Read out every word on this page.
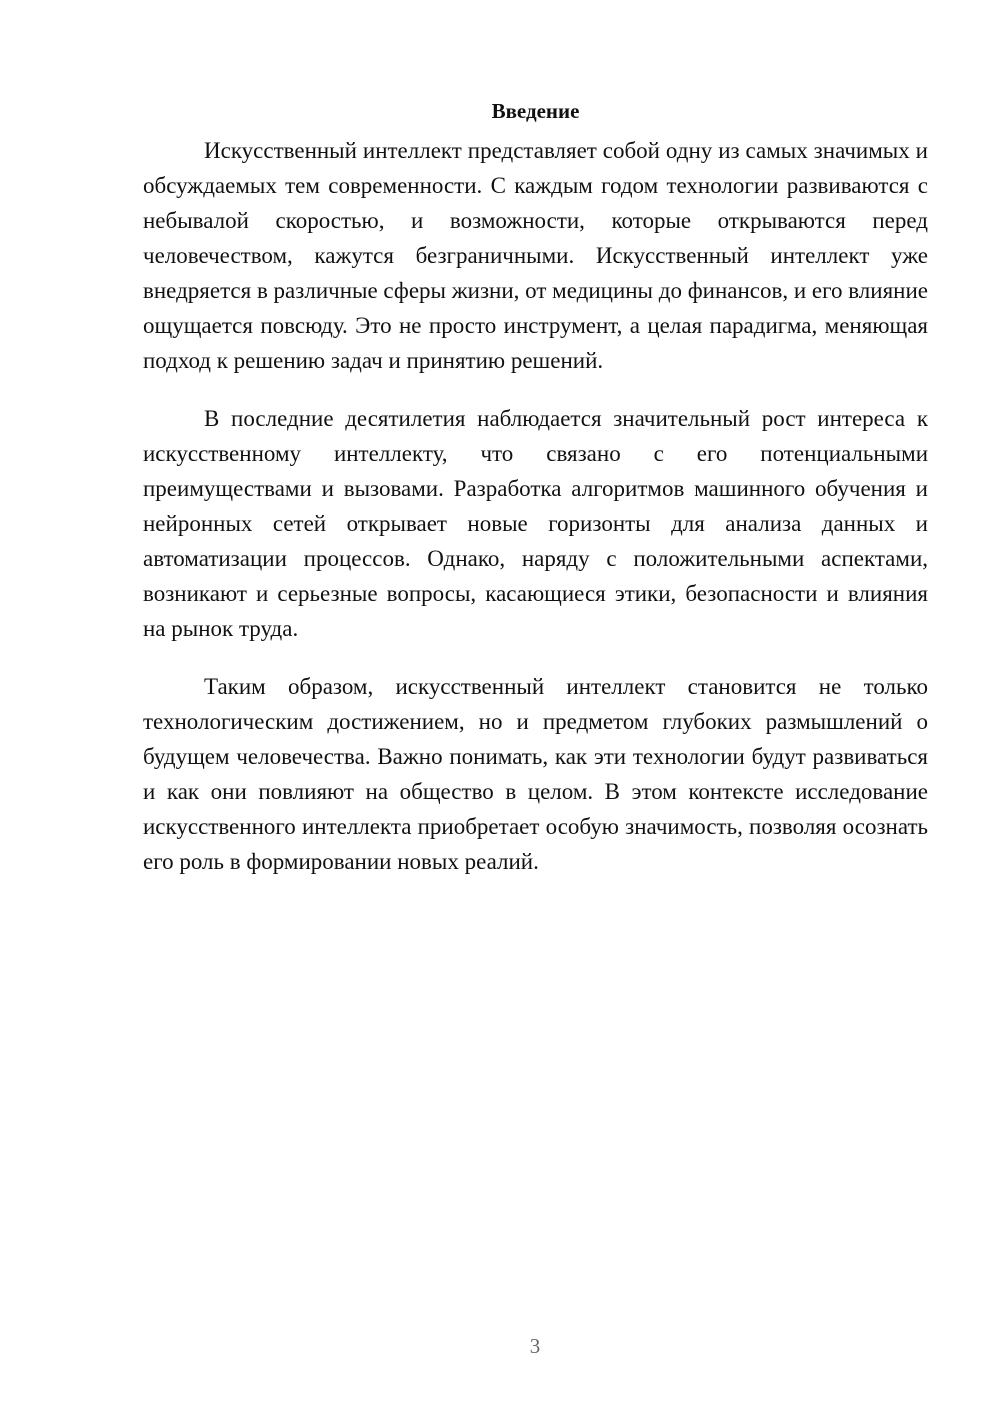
Введение

Искусственный интеллект представляет собой одну из самых значимых и обсуждаемых тем современности. С каждым годом технологии развиваются с небывалой скоростью, и возможности, которые открываются перед человечеством, кажутся безграничными. Искусственный интеллект уже внедряется в различные сферы жизни, от медицины до финансов, и его влияние ощущается повсюду. Это не просто инструмент, а целая парадигма, меняющая подход к решению задач и принятию решений.

В последние десятилетия наблюдается значительный рост интереса к искусственному интеллекту, что связано с его потенциальными преимуществами и вызовами. Разработка алгоритмов машинного обучения и нейронных сетей открывает новые горизонты для анализа данных и автоматизации процессов. Однако, наряду с положительными аспектами, возникают и серьезные вопросы, касающиеся этики, безопасности и влияния на рынок труда.

Таким образом, искусственный интеллект становится не только технологическим достижением, но и предметом глубоких размышлений о будущем человечества. Важно понимать, как эти технологии будут развиваться и как они повлияют на общество в целом. В этом контексте исследование искусственного интеллекта приобретает особую значимость, позволяя осознать его роль в формировании новых реалий.

3
